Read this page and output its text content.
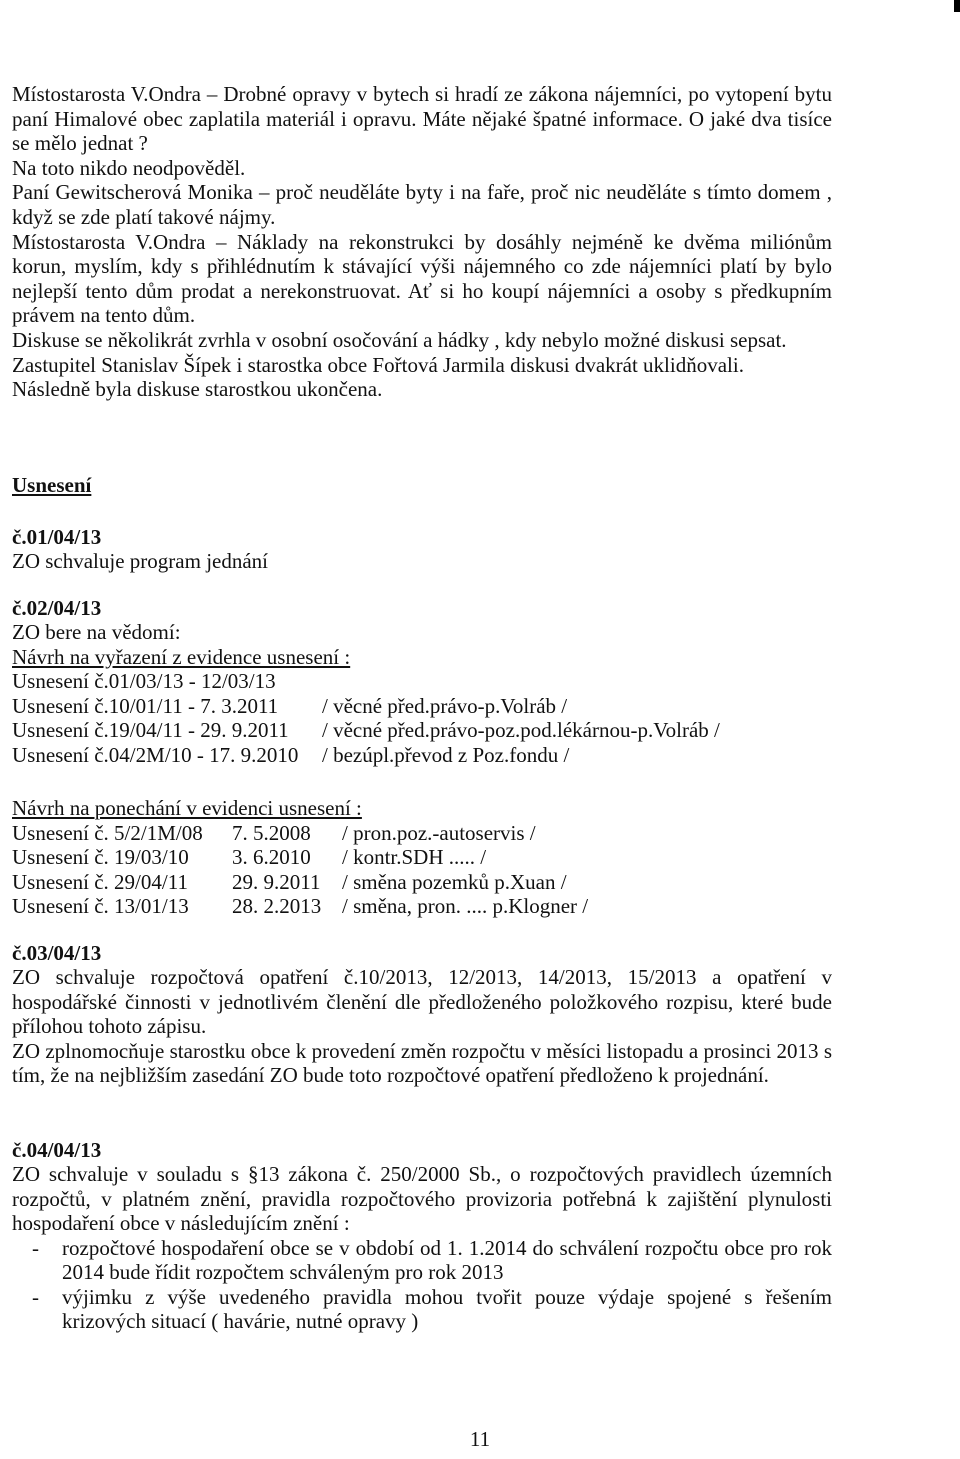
Místostarosta V.Ondra – Drobné opravy v bytech si hradí ze zákona nájemníci, po vytopení bytu paní Himalové obec zaplatila materiál i opravu. Máte nějaké špatné informace. O jaké dva tisíce se mělo jednat ?

Na toto nikdo neodpověděl.

Paní Gewitscherová Monika – proč neuděláte byty i na faře, proč nic neuděláte s tímto domem , když se zde platí takové nájmy.

Místostarosta V.Ondra – Náklady na rekonstrukci by dosáhly nejméně ke dvěma miliónům korun, myslím, kdy s přihlédnutím k stávající výši nájemného co zde nájemníci platí by bylo nejlepší tento dům prodat a nerekonstruovat. Ať si ho koupí nájemníci a osoby s předkupním právem na tento dům.

Diskuse se několikrát zvrhla v osobní osočování a hádky , kdy nebylo možné diskusi sepsat.

Zastupitel Stanislav Šípek i starostka obce Fořtová Jarmila diskusi dvakrát uklidňovali.

Následně byla diskuse starostkou ukončena.

Usnesení

č.01/04/13

ZO schvaluje program jednání

č.02/04/13

ZO bere na vědomí:

Návrh na vyřazení z evidence usnesení :

Usnesení č.01/03/13 - 12/03/13
Usnesení č.10/01/11 - 7. 3.2011	/ věcné před.právo-p.Volráb /
Usnesení č.19/04/11 - 29. 9.2011	/ věcné před.právo-poz.pod.lékárnou-p.Volráb /
Usnesení č.04/2M/10 - 17. 9.2010	/ bezúpl.převod z Poz.fondu /

Návrh na ponechání v evidenci usnesení :

Usnesení č. 5/2/1M/08	7. 5.2008	/ pron.poz.-autoservis /
Usnesení č. 19/03/10	3. 6.2010	/ kontr.SDH ..... /
Usnesení č. 29/04/11	29. 9.2011	/ směna pozemků p.Xuan /
Usnesení č. 13/01/13	28. 2.2013 / směna, pron. .... p.Klogner /

č.03/04/13

ZO schvaluje rozpočtová opatření č.10/2013, 12/2013, 14/2013, 15/2013 a opatření v hospodářské činnosti v jednotlivém členění dle předloženého položkového rozpisu, které bude přílohou tohoto zápisu.

ZO zplnomocňuje starostku obce k provedení změn rozpočtu v měsíci listopadu a prosinci 2013 s tím, že na nejbližším zasedání ZO bude toto rozpočtové opatření předloženo k projednání.

č.04/04/13

ZO schvaluje v souladu s §13 zákona č. 250/2000 Sb., o rozpočtových pravidlech územních rozpočtů, v platném znění, pravidla rozpočtového provizoria potřebná k zajištění plynulosti hospodaření obce v následujícím znění :

-	rozpočtové hospodaření obce se v období od 1. 1.2014 do schválení rozpočtu obce pro rok 2014 bude řídit rozpočtem schváleným pro rok 2013
-	výjimku z výše uvedeného pravidla mohou tvořit pouze výdaje spojené s řešením krizových situací ( havárie, nutné opravy )
11
